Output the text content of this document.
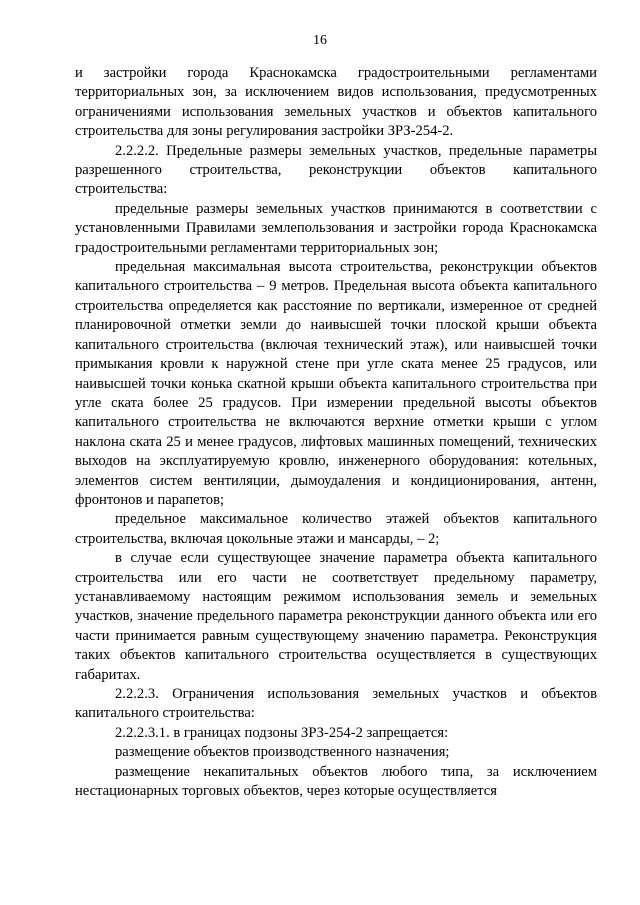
16

и застройки города Краснокамска градостроительными регламентами территориальных зон, за исключением видов использования, предусмотренных ограничениями использования земельных участков и объектов капитального строительства для зоны регулирования застройки ЗРЗ-254-2.

2.2.2.2. Предельные размеры земельных участков, предельные параметры разрешенного строительства, реконструкции объектов капитального строительства:

предельные размеры земельных участков принимаются в соответствии с установленными Правилами землепользования и застройки города Краснокамска градостроительными регламентами территориальных зон;

предельная максимальная высота строительства, реконструкции объектов капитального строительства – 9 метров. Предельная высота объекта капитального строительства определяется как расстояние по вертикали, измеренное от средней планировочной отметки земли до наивысшей точки плоской крыши объекта капитального строительства (включая технический этаж), или наивысшей точки примыкания кровли к наружной стене при угле ската менее 25 градусов, или наивысшей точки конька скатной крыши объекта капитального строительства при угле ската более 25 градусов. При измерении предельной высоты объектов капитального строительства не включаются верхние отметки крыши с углом наклона ската 25 и менее градусов, лифтовых машинных помещений, технических выходов на эксплуатируемую кровлю, инженерного оборудования: котельных, элементов систем вентиляции, дымоудаления и кондиционирования, антенн, фронтонов и парапетов;

предельное максимальное количество этажей объектов капитального строительства, включая цокольные этажи и мансарды, – 2;

в случае если существующее значение параметра объекта капитального строительства или его части не соответствует предельному параметру, устанавливаемому настоящим режимом использования земель и земельных участков, значение предельного параметра реконструкции данного объекта или его части принимается равным существующему значению параметра. Реконструкция таких объектов капитального строительства осуществляется в существующих габаритах.

2.2.2.3. Ограничения использования земельных участков и объектов капитального строительства:

2.2.2.3.1. в границах подзоны ЗРЗ-254-2 запрещается:

размещение объектов производственного назначения;

размещение некапитальных объектов любого типа, за исключением нестационарных торговых объектов, через которые осуществляется
